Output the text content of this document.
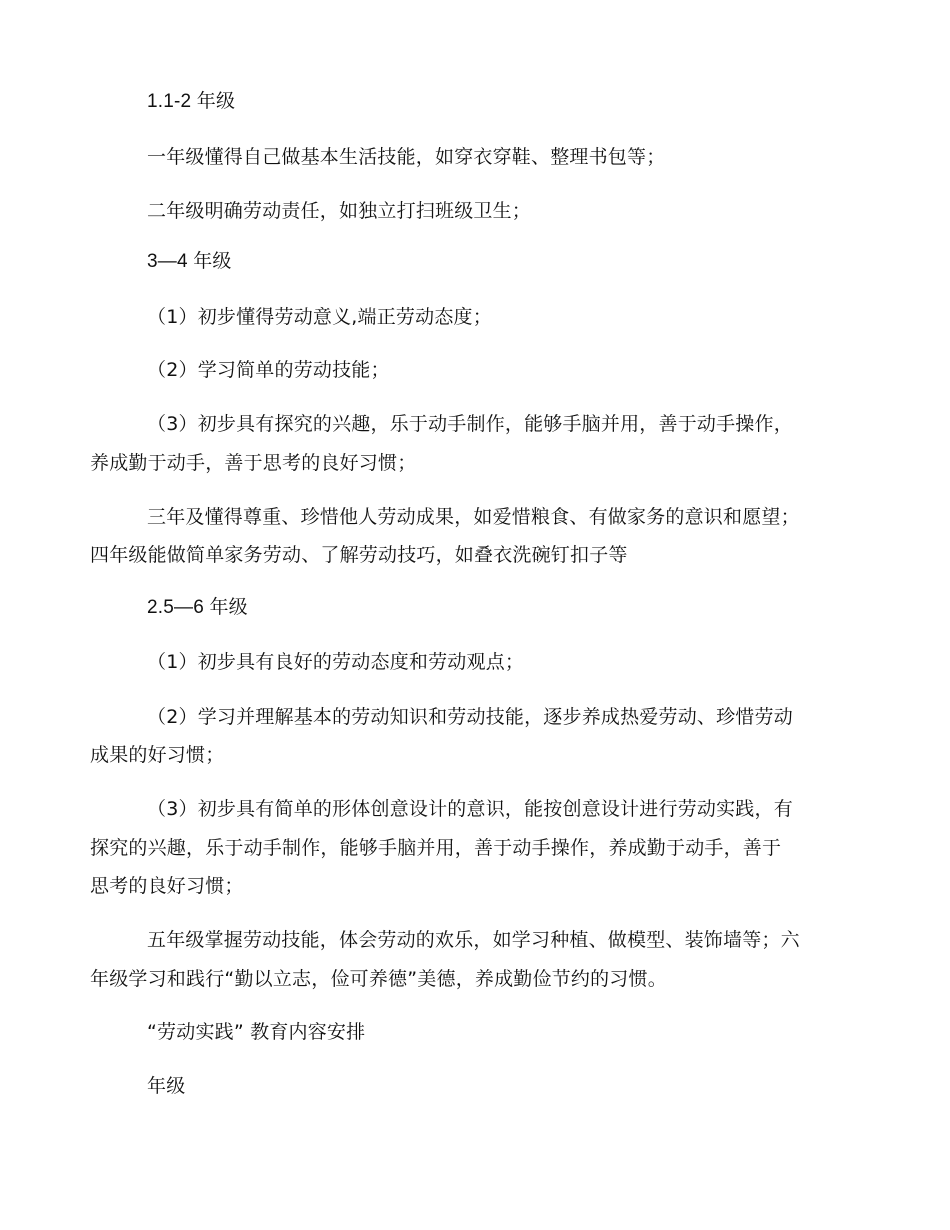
1.1-2 年级
一年级懂得自己做基本生活技能，如穿衣穿鞋、整理书包等；
二年级明确劳动责任，如独立打扫班级卫生；
3—4 年级
（1）初步懂得劳动意义,端正劳动态度；
（2）学习简单的劳动技能；
（3）初步具有探究的兴趣，乐于动手制作，能够手脑并用，善于动手操作，
养成勤于动手，善于思考的良好习惯；
三年及懂得尊重、珍惜他人劳动成果，如爱惜粮食、有做家务的意识和愿望；
四年级能做简单家务劳动、了解劳动技巧，如叠衣洗碗钉扣子等
2.5—6 年级
（1）初步具有良好的劳动态度和劳动观点；
（2）学习并理解基本的劳动知识和劳动技能，逐步养成热爱劳动、珍惜劳动
成果的好习惯；
（3）初步具有简单的形体创意设计的意识，能按创意设计进行劳动实践，有
探究的兴趣，乐于动手制作，能够手脑并用，善于动手操作，养成勤于动手，善于
思考的良好习惯；
五年级掌握劳动技能，体会劳动的欢乐，如学习种植、做模型、装饰墙等；六
年级学习和践行“勤以立志，俭可养德”美德，养成勤俭节约的习惯。
“劳动实践” 教育内容安排
年级
